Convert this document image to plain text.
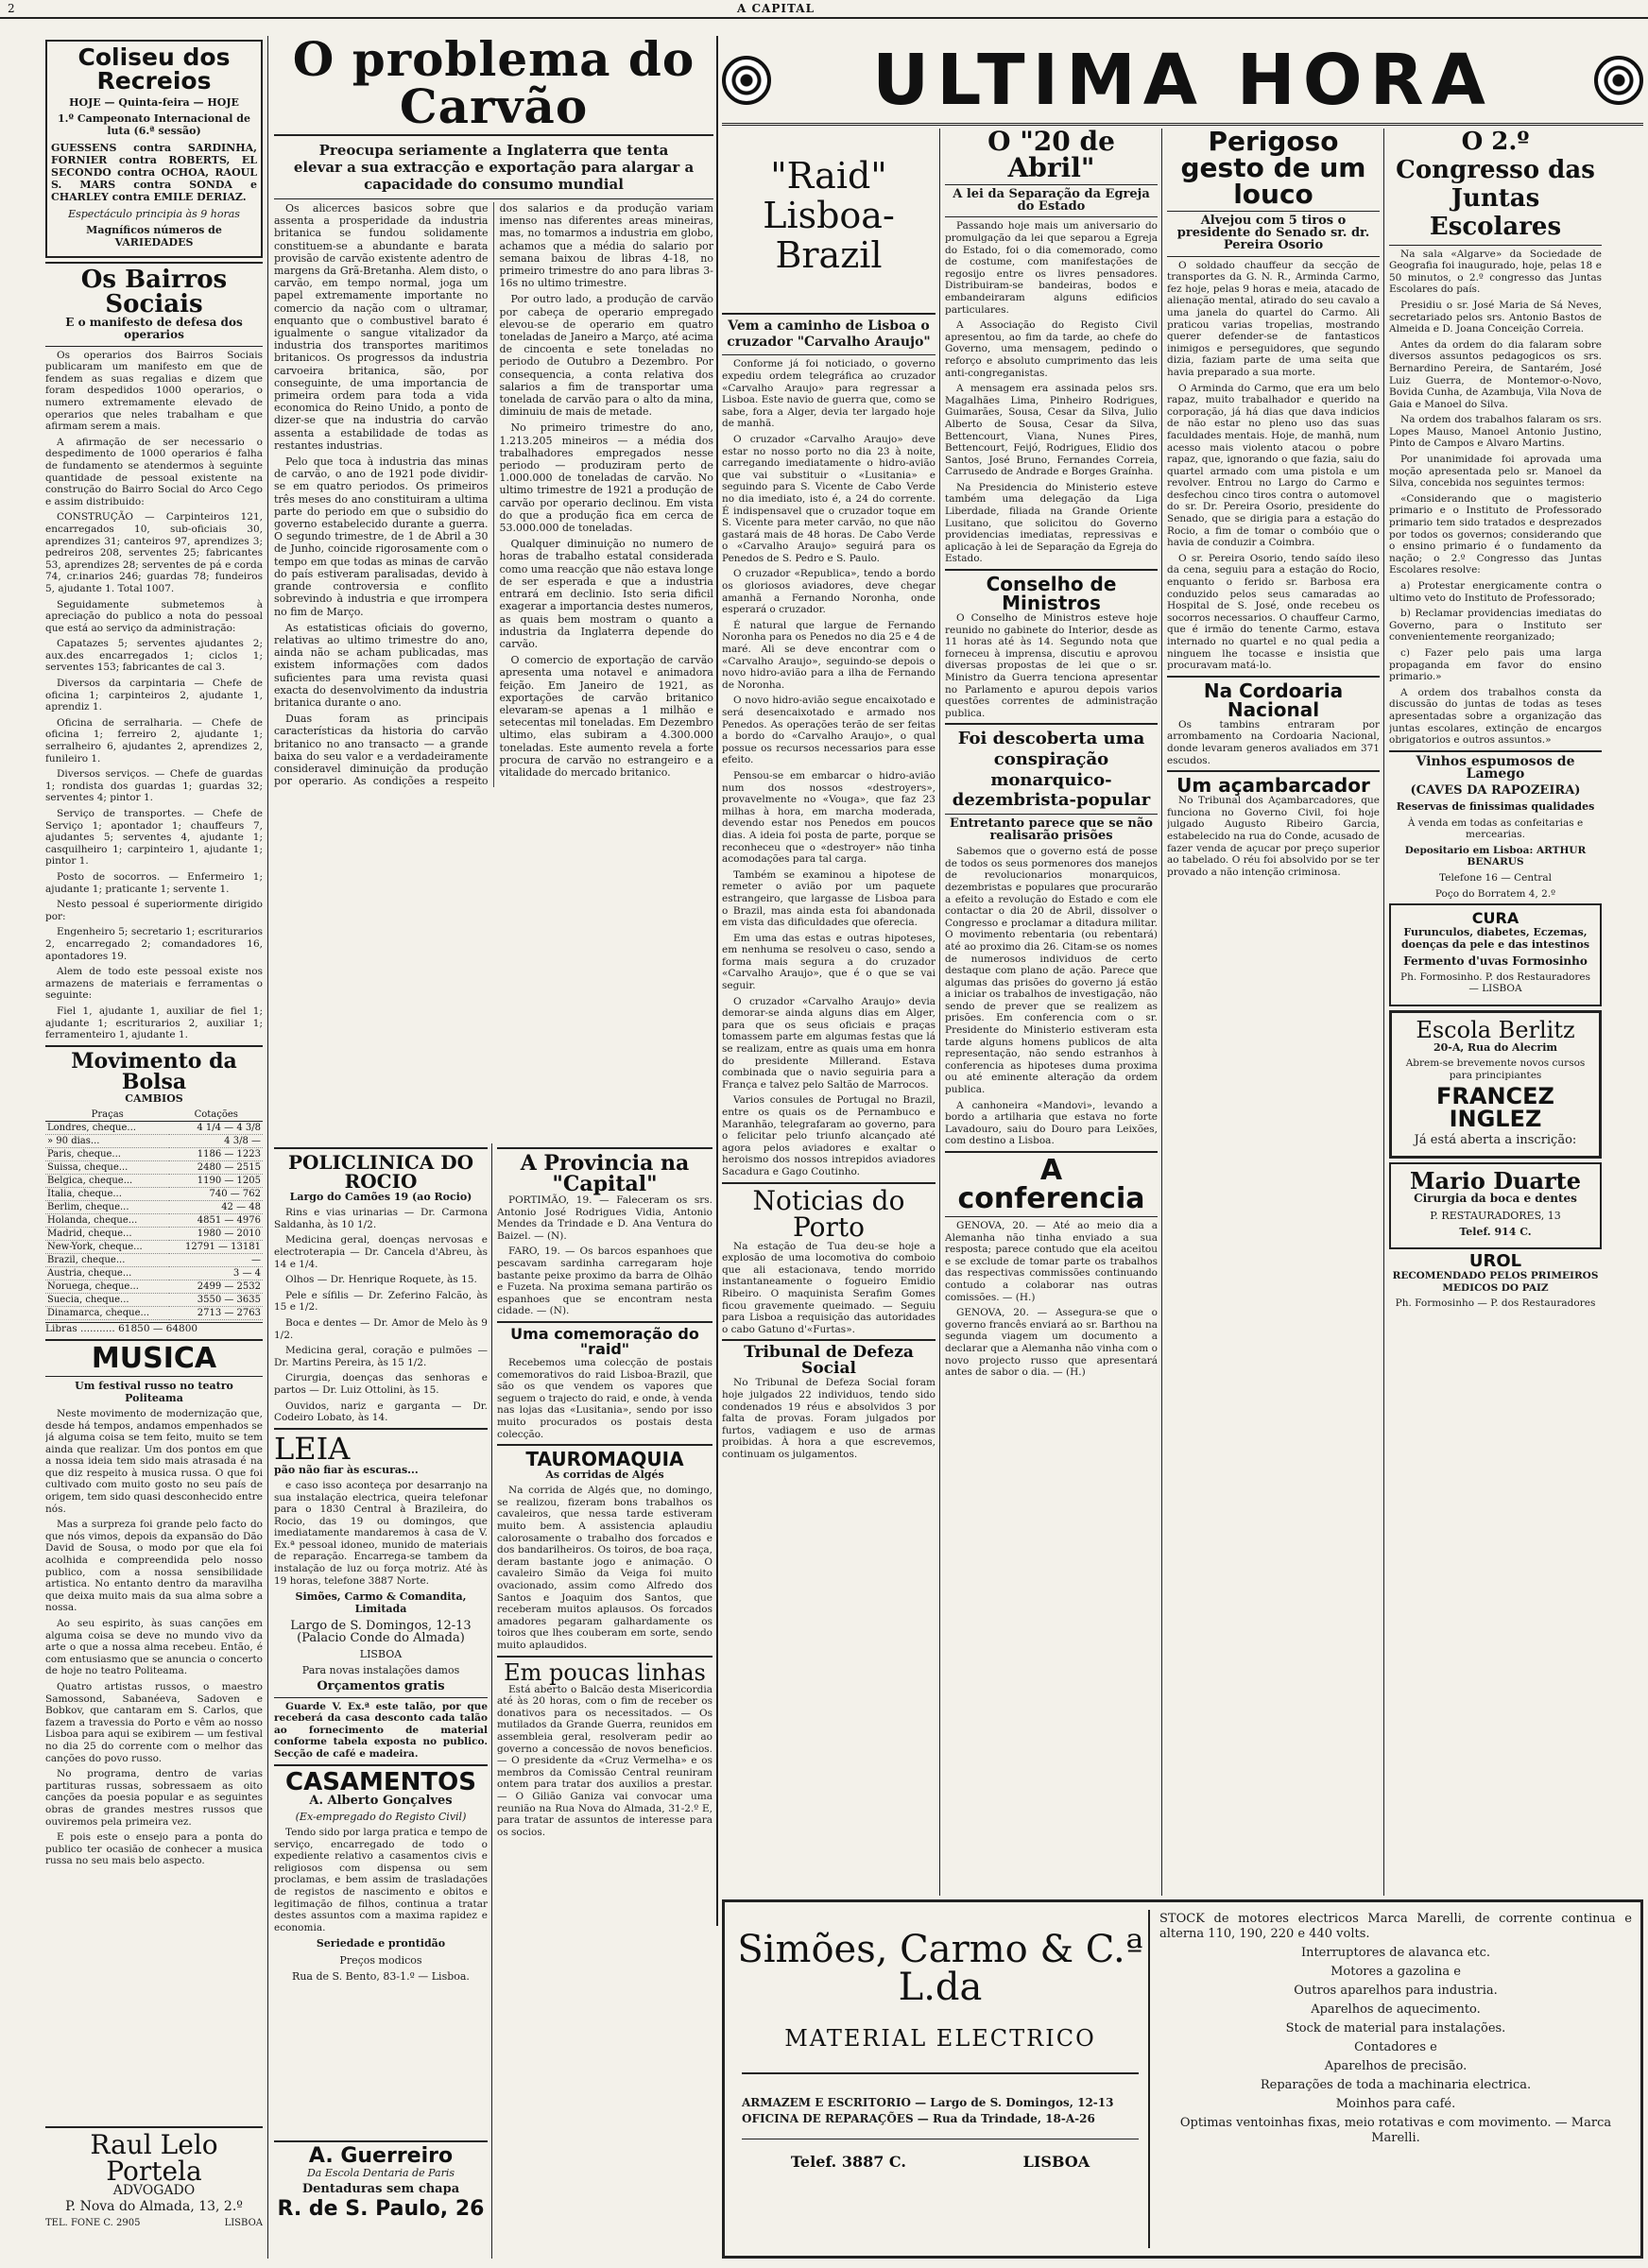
2	A CAPITAL
Coliseu dos Recreios
HOJE — Quinta-feira — HOJE
1.º Campeonato Internacional de luta (6.ª sessão)
GUESSENS contra SARDINHA, FORNIER contra ROBERTS, EL SECONDO contra OCHOA, RAOUL S. MARS contra SONDA e CHARLEY contra EMILE DERIAZ.
Espectáculo principia às 9 horas
Magníficos números de VARIEDADES
Os Bairros Sociais
E o manifesto de defesa dos operarios

Os operarios dos Bairros Sociais publicaram um manifesto em que de fendem as suas regalias e dizem que foram despedidos 1000 operarios, o numero extremamente elevado de operarios que neles trabalham e que afirmam serem a mais.

A afirmação de ser necessario o despedimento de 1000 operarios é falha de fundamento se atendermos à seguinte quantidade de pessoal existente na construção do Bairro Social do Arco Cego e assim distribuido:

CONSTRUÇÃO — Carpinteiros 121, encarregados 10, sub-oficiais 30, aprendizes 31; canteiros 97, aprendizes 3; pedreiros 208, serventes 25; fabricantes 53, aprendizes 28; serventes de pá e corda 74, cr.inarios 246; guardas 78; fundeiros 5, ajudante 1. Total 1007.

Seguidamente submetemos à apreciação do publico a nota do pessoal que está ao serviço da administração:

Capatazes 5; serventes ajudantes 2; aux.des encarregados 1; ciclos 1; serventes 153; fabricantes de cal 3.

Diversos da carpintaria — Chefe de oficina 1; carpinteiros 2, ajudante 1, aprendiz 1.

Oficina de serralharia. — Chefe de oficina 1; ferreiro 2, ajudante 1; serralheiro 6, ajudantes 2, aprendizes 2, funileiro 1.

Diversos serviços. — Chefe de guardas 1; rondista dos guardas 1; guardas 32; serventes 4; pintor 1.

Serviço de transportes. — Chefe de Serviço 1; apontador 1; chauffeurs 7, ajudantes 5; serventes 4, ajudante 1; casquilheiro 1; carpinteiro 1, ajudante 1; pintor 1.

Posto de socorros. — Enfermeiro 1; ajudante 1; praticante 1; servente 1.

Nesto pessoal é superiormente dirigido por:

Engenheiro 5; secretario 1; escriturarios 2, encarregado 2; comandadores 16, apontadores 19.

Alem de todo este pessoal existe nos armazens de materiais e ferramentas o seguinte:

Fiel 1, ajudante 1, auxiliar de fiel 1; ajudante 1; escriturarios 2, auxiliar 1; ferramenteiro 1, ajudante 1.

Movimento da Bolsa
CAMBIOS
Praças	Cotações
Londres, cheque...	4 1/4 — 4 3/8
» 90 dias...	4 3/8 —
Paris, cheque...	1186 — 1223
Suissa, cheque...	2480 — 2515
Belgica, cheque...	1190 — 1205
Italia, cheque...	740 — 762
Berlim, cheque...	42 — 48
Holanda, cheque...	4851 — 4976
Madrid, cheque...	1980 — 2010
New-York, cheque...	12791 — 13181
Brazil, cheque...	—
Austria, cheque...	3 — 4
Noruega, cheque...	2499 — 2532
Suecia, cheque...	3550 — 3635
Dinamarca, cheque...	2713 — 2763
Libras ........... 61850 — 64800
MUSICA
Um festival russo no teatro Politeama

Neste movimento de modernização que, desde há tempos, andamos empenhados se já alguma coisa se tem feito, muito se tem ainda que realizar. Um dos pontos em que a nossa ideia tem sido mais atrasada é na que diz respeito à musica russa. O que foi cultivado com muito gosto no seu país de origem, tem sido quasi desconhecido entre nós.

Mas a surpreza foi grande pelo facto do que nós vimos, depois da expansão do Dão David de Sousa, o modo por que ela foi acolhida e compreendida pelo nosso publico, com a nossa sensibilidade artistica. No entanto dentro da maravilha que deixa muito mais da sua alma sobre a nossa.

Ao seu espirito, às suas canções em alguma coisa se deve no mundo vivo da arte o que a nossa alma recebeu. Então, é com entusiasmo que se anuncia o concerto de hoje no teatro Politeama.

Quatro artistas russos, o maestro Samossond, Sabanéeva, Sadoven e Bobkov, que cantaram em S. Carlos, que fazem a travessia do Porto e vêm ao nosso Lisboa para aqui se exibirem — um festival no dia 25 do corrente com o melhor das canções do povo russo.

No programa, dentro de varias partituras russas, sobressaem as oito canções da poesia popular e as seguintes obras de grandes mestres russos que ouviremos pela primeira vez.

E pois este o ensejo para a ponta do publico ter ocasião de conhecer a musica russa no seu mais belo aspecto.

Raul Lelo Portela
ADVOGADO
P. Nova do Almada, 13, 2.º
TEL. FONE C. 2905	LISBOA
O problema do Carvão
Preocupa seriamente a Inglaterra que tenta elevar a sua extracção e exportação para alargar a capacidade do consumo mundial

Os alicerces basicos sobre que assenta a prosperidade da industria britanica se fundou solidamente constituem-se a abundante e barata provisão de carvão existente adentro de margens da Grã-Bretanha. Alem disto, o carvão, em tempo normal, joga um papel extremamente importante no comercio da nação com o ultramar, enquanto que o combustivel barato é igualmente o sangue vitalizador da industria dos transportes maritimos britanicos. Os progressos da industria carvoeira britanica, são, por conseguinte, de uma importancia de primeira ordem para toda a vida economica do Reino Unido, a ponto de dizer-se que na industria do carvão assenta a estabilidade de todas as restantes industrias.

Pelo que toca à industria das minas de carvão, o ano de 1921 pode dividir-se em quatro periodos. Os primeiros três meses do ano constituiram a ultima parte do periodo em que o subsidio do governo estabelecido durante a guerra. O segundo trimestre, de 1 de Abril a 30 de Junho, coincide rigorosamente com o tempo em que todas as minas de carvão do país estiveram paralisadas, devido à grande controversia e conflito sobrevindo à industria e que irrompera no fim de Março.

As estatisticas oficiais do governo, relativas ao ultimo trimestre do ano, ainda não se acham publicadas, mas existem informações com dados suficientes para uma revista quasi exacta do desenvolvimento da industria britanica durante o ano.

Duas foram as principais características da historia do carvão britanico no ano transacto — a grande baixa do seu valor e a verdadeiramente consideravel diminuição da produção por operario. As condições a respeito dos salarios e da produção variam imenso nas diferentes areas mineiras, mas, no tomarmos a industria em globo, achamos que a média do salario por semana baixou de libras 4-18, no primeiro trimestre do ano para libras 3-16s no ultimo trimestre.

Por outro lado, a produção de carvão por cabeça de operario empregado elevou-se de operario em quatro toneladas de Janeiro a Março, até acima de cincoenta e sete toneladas no periodo de Outubro a Dezembro. Por consequencia, a conta relativa dos salarios a fim de transportar uma tonelada de carvão para o alto da mina, diminuiu de mais de metade.

No primeiro trimestre do ano, 1.213.205 mineiros — a média dos trabalhadores empregados nesse periodo — produziram perto de 1.000.000 de toneladas de carvão. No ultimo trimestre de 1921 a produção de carvão por operario declinou. Em vista do que a produção fica em cerca de 53.000.000 de toneladas.

Qualquer diminuição no numero de horas de trabalho estatal considerada como uma reacção que não estava longe de ser esperada e que a industria entrará em declinio. Isto seria dificil exagerar a importancia destes numeros, as quais bem mostram o quanto a industria da Inglaterra depende do carvão.

O comercio de exportação de carvão apresenta uma notavel e animadora feição. Em Janeiro de 1921, as exportações de carvão britanico elevaram-se apenas a 1 milhão e setecentas mil toneladas. Em Dezembro ultimo, elas subiram a 4.300.000 toneladas. Este aumento revela a forte procura de carvão no estrangeiro e a vitalidade do mercado britanico.

POLICLINICA DO ROCIO
Largo do Camões 19 (ao Rocio)

Rins e vias urinarias — Dr. Carmona Saldanha, às 10 1/2.

Medicina geral, doenças nervosas e electroterapia — Dr. Cancela d'Abreu, às 14 e 1/4.

Olhos — Dr. Henrique Roquete, às 15.

Pele e sífilis — Dr. Zeferino Falcão, às 15 e 1/2.

Boca e dentes — Dr. Amor de Melo às 9 1/2.

Medicina geral, coração e pulmões — Dr. Martins Pereira, às 15 1/2.

Cirurgia, doenças das senhoras e partos — Dr. Luiz Ottolini, às 15.

Ouvidos, nariz e garganta — Dr. Codeiro Lobato, às 14.

LEIA
pão não fiar às escuras...

e caso isso aconteça por desarranjo na sua instalação electrica, queira telefonar para o 1830 Central à Brazileira, do Rocio, das 19 ou domingos, que imediatamente mandaremos à casa de V. Ex.ª pessoal idoneo, munido de materiais de reparação. Encarrega-se tambem da instalação de luz ou força motriz. Até às 19 horas, telefone 3887 Norte.

Simões, Carmo & Comandita, Limitada
Largo de S. Domingos, 12-13 (Palacio Conde do Almada)
LISBOA
Para novas instalações damos
Orçamentos gratis

Guarde V. Ex.ª este talão, por que receberá da casa desconto cada talão ao fornecimento de material conforme tabela exposta no publico. Secção de café e madeira.

CASAMENTOS
A. Alberto Gonçalves
(Ex-empregado do Registo Civil)

Tendo sido por larga pratica e tempo de serviço, encarregado de todo o expediente relativo a casamentos civis e religiosos com dispensa ou sem proclamas, e bem assim de trasladações de registos de nascimento e obitos e legitimação de filhos, continua a tratar destes assuntos com a maxima rapidez e economia.

Seriedade e prontidão
Preços modicos
Rua de S. Bento, 83-1.º — Lisboa.
A. Guerreiro
Da Escola Dentaria de Paris
Dentaduras sem chapa
R. de S. Paulo, 26
A Provincia na "Capital"

PORTIMÃO, 19. — Faleceram os srs. Antonio José Rodrigues Vidia, Antonio Mendes da Trindade e D. Ana Ventura do Baizel. — (N).

FARO, 19. — Os barcos espanhoes que pescavam sardinha carregaram hoje bastante peixe proximo da barra de Olhão e Fuzeta. Na proxima semana partirão os espanhoes que se encontram nesta cidade. — (N).

Uma comemoração do "raid"

Recebemos uma colecção de postais comemorativos do raid Lisboa-Brazil, que são os que vendem os vapores que seguem o trajecto do raid, e onde, à venda nas lojas das «Lusitania», sendo por isso muito procurados os postais desta colecção.

TAUROMAQUIA
As corridas de Algés

Na corrida de Algés que, no domingo, se realizou, fizeram bons trabalhos os cavaleiros, que nessa tarde estiveram muito bem. A assistencia aplaudiu calorosamente o trabalho dos forcados e dos bandarilheiros. Os toiros, de boa raça, deram bastante jogo e animação. O cavaleiro Simão da Veiga foi muito ovacionado, assim como Alfredo dos Santos e Joaquim dos Santos, que receberam muitos aplausos. Os forcados amadores pegaram galhardamente os toiros que lhes couberam em sorte, sendo muito aplaudidos.

Em poucas linhas

Está aberto o Balcão desta Misericordia até às 20 horas, com o fim de receber os donativos para os necessitados. — Os mutilados da Grande Guerra, reunidos em assembleia geral, resolveram pedir ao governo a concessão de novos beneficios. — O presidente da «Cruz Vermelha» e os membros da Comissão Central reuniram ontem para tratar dos auxilios a prestar. — O Gilião Ganiza vai convocar uma reunião na Rua Nova do Almada, 31-2.º E, para tratar de assuntos de interesse para os socios.

ULTIMA HORA
"Raid" Lisboa-Brazil
Vem a caminho de Lisboa o cruzador "Carvalho Araujo"

Conforme já foi noticiado, o governo expediu ordem telegráfica ao cruzador «Carvalho Araujo» para regressar a Lisboa. Este navio de guerra que, como se sabe, fora a Alger, devia ter largado hoje de manhã.

O cruzador «Carvalho Araujo» deve estar no nosso porto no dia 23 à noite, carregando imediatamente o hidro-avião que vai substituir o «Lusitania» e seguindo para S. Vicente de Cabo Verde no dia imediato, isto é, a 24 do corrente. É indispensavel que o cruzador toque em S. Vicente para meter carvão, no que não gastará mais de 48 horas. De Cabo Verde o «Carvalho Araujo» seguirá para os Penedos de S. Pedro e S. Paulo.

O cruzador «Republica», tendo a bordo os gloriosos aviadores, deve chegar amanhã a Fernando Noronha, onde esperará o cruzador.

É natural que largue de Fernando Noronha para os Penedos no dia 25 e 4 de maré. Ali se deve encontrar com o «Carvalho Araujo», seguindo-se depois o novo hidro-avião para a ilha de Fernando de Noronha.

O novo hidro-avião segue encaixotado e será desencaixotado e armado nos Penedos. As operações terão de ser feitas a bordo do «Carvalho Araujo», o qual possue os recursos necessarios para esse efeito.

Pensou-se em embarcar o hidro-avião num dos nossos «destroyers», provavelmente no «Vouga», que faz 23 milhas à hora, em marcha moderada, devendo estar nos Penedos em poucos dias. A ideia foi posta de parte, porque se reconheceu que o «destroyer» não tinha acomodações para tal carga.

Também se examinou a hipotese de remeter o avião por um paquete estrangeiro, que largasse de Lisboa para o Brazil, mas ainda esta foi abandonada em vista das dificuldades que oferecia.

Em uma das estas e outras hipoteses, em nenhuma se resolveu o caso, sendo a forma mais segura a do cruzador «Carvalho Araujo», que é o que se vai seguir.

O cruzador «Carvalho Araujo» devia demorar-se ainda alguns dias em Alger, para que os seus oficiais e praças tomassem parte em algumas festas que lá se realizam, entre as quais uma em honra do presidente Millerand. Estava combinada que o navio seguiria para a França e talvez pelo Saltão de Marrocos.

Varios consules de Portugal no Brazil, entre os quais os de Pernambuco e Maranhão, telegrafaram ao governo, para o felicitar pelo triunfo alcançado até agora pelos aviadores e exaltar o heroismo dos nossos intrepidos aviadores Sacadura e Gago Coutinho.

Noticias do Porto

Na estação de Tua deu-se hoje a explosão de uma locomotiva do comboio que ali estacionava, tendo morrido instantaneamente o fogueiro Emidio Ribeiro. O maquinista Serafim Gomes ficou gravemente queimado. — Seguiu para Lisboa a requisição das autoridades o cabo Gatuno d'«Furtas».

Tribunal de Defeza Social

No Tribunal de Defeza Social foram hoje julgados 22 individuos, tendo sido condenados 19 réus e absolvidos 3 por falta de provas. Foram julgados por furtos, vadiagem e uso de armas proibidas. À hora a que escrevemos, continuam os julgamentos.

O "20 de Abril"
A lei da Separação da Egreja do Estado

Passando hoje mais um aniversario do promulgação da lei que separou a Egreja do Estado, foi o dia comemorado, como de costume, com manifestações de regosijo entre os livres pensadores. Distribuiram-se bandeiras, bodos e embandeiraram alguns edificios particulares.

A Associação do Registo Civil apresentou, ao fim da tarde, ao chefe do Governo, uma mensagem, pedindo o reforço e absoluto cumprimento das leis anti-congreganistas.

A mensagem era assinada pelos srs. Magalhães Lima, Pinheiro Rodrigues, Guimarães, Sousa, Cesar da Silva, Julio Alberto de Sousa, Cesar da Silva, Bettencourt, Viana, Nunes Pires, Bettencourt, Feijó, Rodrigues, Elidio dos Santos, José Bruno, Fernandes Correia, Carrusedo de Andrade e Borges Graínha.

Na Presidencia do Ministerio esteve também uma delegação da Liga Liberdade, filiada na Grande Oriente Lusitano, que solicitou do Governo providencias imediatas, repressivas e aplicação à lei de Separação da Egreja do Estado.

Conselho de Ministros

O Conselho de Ministros esteve hoje reunido no gabinete do Interior, desde as 11 horas até às 14. Segundo nota que forneceu à imprensa, discutiu e aprovou diversas propostas de lei que o sr. Ministro da Guerra tenciona apresentar no Parlamento e apurou depois varios questões correntes de administração publica.

Foi descoberta uma conspiração monarquico-dezembrista-popular
Entretanto parece que se não realisarão prisões

Sabemos que o governo está de posse de todos os seus pormenores dos manejos de revolucionarios monarquicos, dezembristas e populares que procurarão a efeito a revolução do Estado e com ele contactar o dia 20 de Abril, dissolver o Congresso e proclamar a ditadura militar. O movimento rebentaria (ou rebentará) até ao proximo dia 26. Citam-se os nomes de numerosos individuos de certo destaque com plano de ação. Parece que algumas das prisões do governo já estão a iniciar os trabalhos de investigação, não sendo de prever que se realizem as prisões. Em conferencia com o sr. Presidente do Ministerio estiveram esta tarde alguns homens publicos de alta representação, não sendo estranhos à conferencia as hipoteses duma proxima ou até eminente alteração da ordem publica.

A canhoneira «Mandovi», levando a bordo a artilharia que estava no forte Lavadouro, saiu do Douro para Leixões, com destino a Lisboa.

A conferencia

GENOVA, 20. — Até ao meio dia a Alemanha não tinha enviado a sua resposta; parece contudo que ela aceitou e se exclude de tomar parte os trabalhos das respectivas commissões continuando contudo a colaborar nas outras comissões. — (H.)

GENOVA, 20. — Assegura-se que o governo francês enviará ao sr. Barthou na segunda viagem um documento a declarar que a Alemanha não vinha com o novo projecto russo que apresentará antes de sabor o dia. — (H.)

Perigoso gesto de um louco
Alvejou com 5 tiros o presidente do Senado sr. dr. Pereira Osorio

O soldado chauffeur da secção de transportes da G. N. R., Arminda Carmo, fez hoje, pelas 9 horas e meia, atacado de alienação mental, atirado do seu cavalo a uma janela do quartel do Carmo. Ali praticou varias tropelias, mostrando querer defender-se de fantasticos inimigos e perseguidores, que segundo dizia, faziam parte de uma seita que havia preparado a sua morte.

O Arminda do Carmo, que era um belo rapaz, muito trabalhador e querido na corporação, já há dias que dava indicios de não estar no pleno uso das suas faculdades mentais. Hoje, de manhã, num acesso mais violento atacou o pobre rapaz, que, ignorando o que fazia, saiu do quartel armado com uma pistola e um revolver. Entrou no Largo do Carmo e desfechou cinco tiros contra o automovel do sr. Dr. Pereira Osorio, presidente do Senado, que se dirigia para a estação do Rocio, a fim de tomar o combóio que o havia de conduzir a Coimbra.

O sr. Pereira Osorio, tendo saído ileso da cena, seguiu para a estação do Rocio, enquanto o ferido sr. Barbosa era conduzido pelos seus camaradas ao Hospital de S. José, onde recebeu os socorros necessarios. O chauffeur Carmo, que é irmão do tenente Carmo, estava internado no quartel e no qual pedia a ninguem lhe tocasse e insistia que procuravam matá-lo.

Na Cordoaria Nacional

Os tambins entraram por arrombamento na Cordoaria Nacional, donde levaram generos avaliados em 371 escudos.

Um açambarcador

No Tribunal dos Açambarcadores, que funciona no Governo Civil, foi hoje julgado Augusto Ribeiro Garcia, estabelecido na rua do Conde, acusado de fazer venda de açucar por preço superior ao tabelado. O réu foi absolvido por se ter provado a não intenção criminosa.

O 2.º Congresso das Juntas Escolares

Na sala «Algarve» da Sociedade de Geografia foi inaugurado, hoje, pelas 18 e 50 minutos, o 2.º congresso das Juntas Escolares do país.

Presidiu o sr. José Maria de Sá Neves, secretariado pelos srs. Antonio Bastos de Almeida e D. Joana Conceição Correia.

Antes da ordem do dia falaram sobre diversos assuntos pedagogicos os srs. Bernardino Pereira, de Santarém, José Luiz Guerra, de Montemor-o-Novo, Bovida Cunha, de Azambuja, Vila Nova de Gaia e Manoel do Silva.

Na ordem dos trabalhos falaram os srs. Lopes Mauso, Manoel Antonio Justino, Pinto de Campos e Alvaro Martins.

Por unanimidade foi aprovada uma moção apresentada pelo sr. Manoel da Silva, concebida nos seguintes termos:

«Considerando que o magisterio primario e o Instituto de Professorado primario tem sido tratados e desprezados por todos os governos; considerando que o ensino primario é o fundamento da nação; o 2.º Congresso das Juntas Escolares resolve:

a) Protestar energicamente contra o ultimo veto do Instituto de Professorado;

b) Reclamar providencias imediatas do Governo, para o Instituto ser convenientemente reorganizado;

c) Fazer pelo pais uma larga propaganda em favor do ensino primario.»

A ordem dos trabalhos consta da discussão do juntas de todas as teses apresentadas sobre a organização das juntas escolares, extinção de encargos obrigatorios e outros assuntos.»

Vinhos espumosos de Lamego
(CAVES DA RAPOZEIRA)
Reservas de finissimas qualidades
À venda em todas as confeitarias e mercearias.
Depositario em Lisboa: ARTHUR BENARUS
Telefone 16 — Central
Poço do Borratem 4, 2.º
CURA
Furunculos, diabetes, Eczemas, doenças da pele e das intestinos
Fermento d'uvas Formosinho
Ph. Formosinho. P. dos Restauradores — LISBOA
Escola Berlitz
20-A, Rua do Alecrim
Abrem-se brevemente novos cursos para principiantes
FRANCEZ
INGLEZ
Já está aberta a inscrição:
Mario Duarte
Cirurgia da boca e dentes
P. RESTAURADORES, 13
Telef. 914 C.
UROL
RECOMENDADO PELOS PRIMEIROS MEDICOS DO PAIZ
Ph. Formosinho — P. dos Restauradores
Simões, Carmo & C.ª L.da
MATERIAL ELECTRICO
ARMAZEM E ESCRITORIO — Largo de S. Domingos, 12-13
OFICINA DE REPARAÇÕES — Rua da Trindade, 18-A-26
Telef. 3887 C.	LISBOA
STOCK de motores electricos Marca Marelli, de corrente continua e alterna 110, 190, 220 e 440 volts.
Interruptores de alavanca etc.
Motores a gazolina e
Outros aparelhos para industria.
Aparelhos de aquecimento.
Stock de material para instalações.
Contadores e
Aparelhos de precisão.
Reparações de toda a machinaria electrica.
Moinhos para café.
Optimas ventoinhas fixas, meio rotativas e com movimento. — Marca Marelli.
